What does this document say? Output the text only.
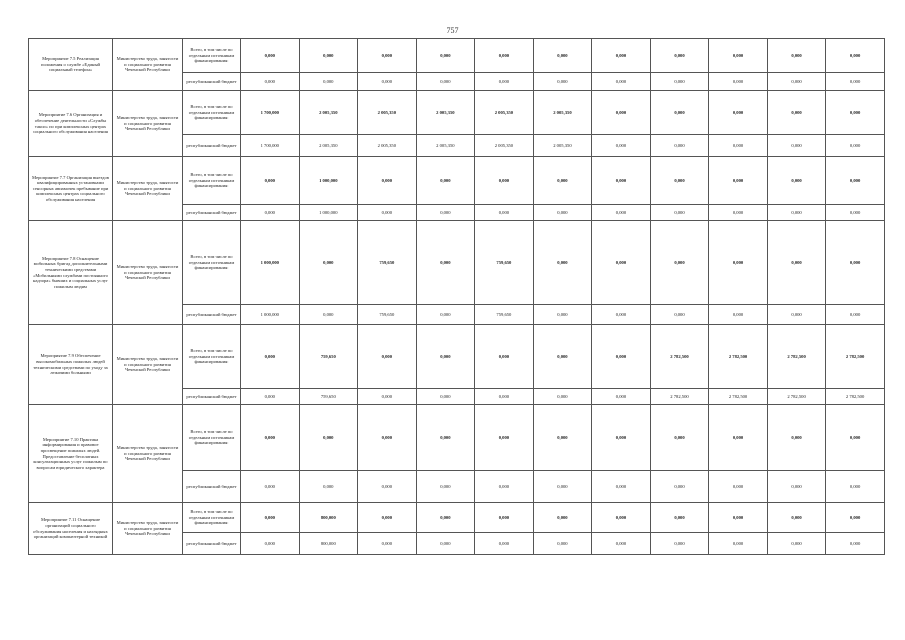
757
Мероприятие 7.5 Реализация положения о службе «Единый социальный телефон»	Министерство труда, занятости и социального развития Чеченской Республики	Всего, в том числе по отдельным источникам финансирования:	0,000	0,000	0,000	0,000	0,000	0,000	0,000	0,000	0,000	0,000	0,000
		республиканский бюджет	0,000	0,000	0,000	0,000	0,000	0,000	0,000	0,000	0,000	0,000	0,000
Мероприятие 7.6 Организация и обеспечение деятельности «Службы такси» по при комплексных центрах социального обслуживания населения	Министерство труда, занятости и социального развития Чеченской Республики	Всего, в том числе по отдельным источникам финансирования:	1 700,000	2 005,350	2 005,350	2 005,350	2 005,350	2 005,350	0,000	0,000	0,000	0,000	0,000
		республиканский бюджет	1 700,000	2 005,350	2 005,350	2 005,350	2 005,350	2 005,350	0,000	0,000	0,000	0,000	0,000
Мероприятие 7.7 Организация выездов квалифицированных установками сенсорных авиамочек пребывание при комплексных центрах социального обслуживания населения	Министерство труда, занятости и социального развития Чеченской Республики	Всего, в том числе по отдельным источникам финансирования:	0,000	1 000,000	0,000	0,000	0,000	0,000	0,000	0,000	0,000	0,000	0,000
		республиканский бюджет	0,000	1 000,000	0,000	0,000	0,000	0,000	0,000	0,000	0,000	0,000	0,000
Мероприятие 7.8 Оснащение мобильных бригад дополнительными техническими средствами «Мобильными службами постоянного надзора» бывших и социальных услуг пожилым людям	Министерство труда, занятости и социального развития Чеченской Республики	Всего, в том числе по отдельным источникам финансирования:	1 000,000	0,000	759,650	0,000	759,650	0,000	0,000	0,000	0,000	0,000	0,000
		республиканский бюджет	1 000,000	0,000	759,650	0,000	759,650	0,000	0,000	0,000	0,000	0,000	0,000
Мероприятие 7.9 Обеспечение высокомобильных пожилых людей техническими средствами по уходу за лежачими больными	Министерство труда, занятости и социального развития Чеченской Республики	Всего, в том числе по отдельным источникам финансирования:	0,000	759,650	0,000	0,000	0,000	0,000	0,000	2 782,500	2 782,500	2 782,500	2 782,500
		республиканский бюджет	0,000	759,650	0,000	0,000	0,000	0,000	0,000	2 782,500	2 782,500	2 782,500	2 782,500
Мероприятие 7.10 Практика информирования и правовое просвещение пожилых людей. Предоставление бесплатных консультационных услуг пожилым по вопросам юридического характера	Министерство труда, занятости и социального развития Чеченской Республики	Всего, в том числе по отдельным источникам финансирования:	0,000	0,000	0,000	0,000	0,000	0,000	0,000	0,000	0,000	0,000	0,000
		республиканский бюджет	0,000	0,000	0,000	0,000	0,000	0,000	0,000	0,000	0,000	0,000	0,000
Мероприятие 7.11 Оснащение организаций социального обслуживания населения и наглядных организаций компьютерной техникой	Министерство труда, занятости и социального развития Чеченской Республики	Всего, в том числе по отдельным источникам финансирования:	0,000	800,000	0,000	0,000	0,000	0,000	0,000	0,000	0,000	0,000	0,000
		республиканский бюджет	0,000	800,000	0,000	0,000	0,000	0,000	0,000	0,000	0,000	0,000	0,000
